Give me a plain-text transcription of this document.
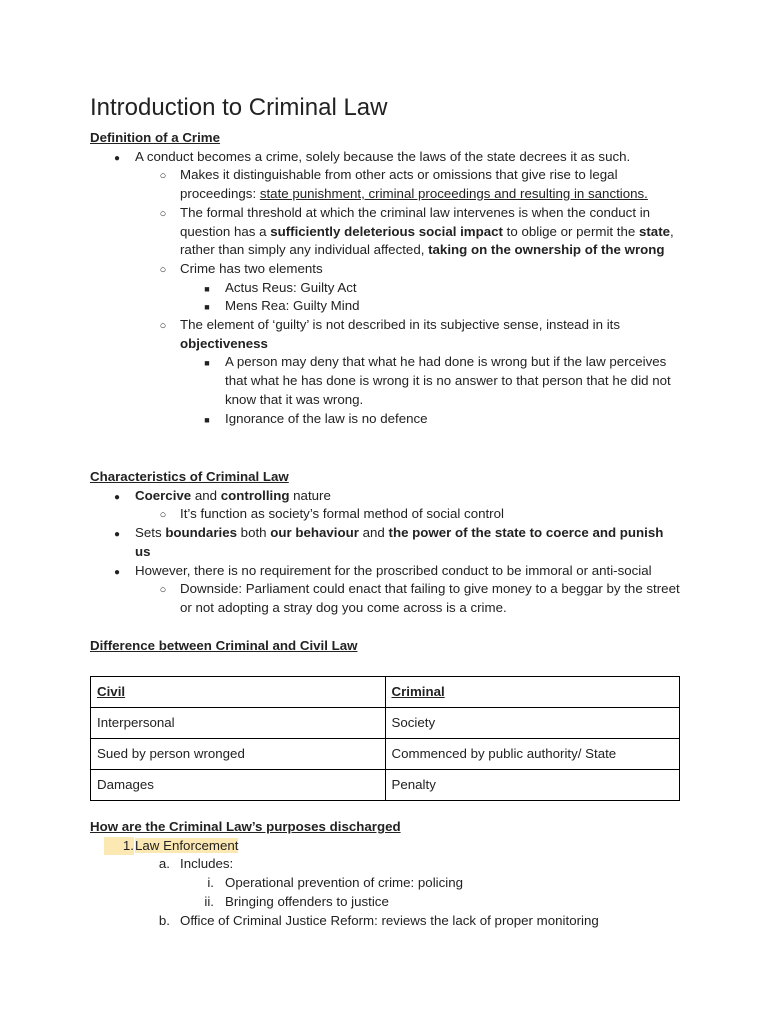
Introduction to Criminal Law
Definition of a Crime
●
A conduct becomes a crime, solely because the laws of the state decrees it as such.
○
Makes it distinguishable from other acts or omissions that give rise to legal proceedings: state punishment, criminal proceedings and resulting in sanctions.
○
The formal threshold at which the criminal law intervenes is when the conduct in question has a sufficiently deleterious social impact to oblige or permit the state, rather than simply any individual affected, taking on the ownership of the wrong
○
Crime has two elements
■
Actus Reus: Guilty Act
■
Mens Rea: Guilty Mind
○
The element of ‘guilty’ is not described in its subjective sense, instead in its objectiveness
■
A person may deny that what he had done is wrong but if the law perceives that what he has done is wrong it is no answer to that person that he did not know that it was wrong.
■
Ignorance of the law is no defence
Characteristics of Criminal Law
●
Coercive and controlling nature
○
It’s function as society’s formal method of social control
●
Sets boundaries both our behaviour and the power of the state to coerce and punish us
●
However, there is no requirement for the proscribed conduct to be immoral or anti-social
○
Downside: Parliament could enact that failing to give money to a beggar by the street or not adopting a stray dog you come across is a crime.
Difference between Criminal and Civil Law
Civil	Criminal
Interpersonal	Society
Sued by person wronged	Commenced by public authority/ State
Damages	Penalty
How are the Criminal Law’s purposes discharged
1. Law Enforcement
a. Includes:
i. Operational prevention of crime: policing
ii. Bringing offenders to justice
b. Office of Criminal Justice Reform: reviews the lack of proper monitoring
